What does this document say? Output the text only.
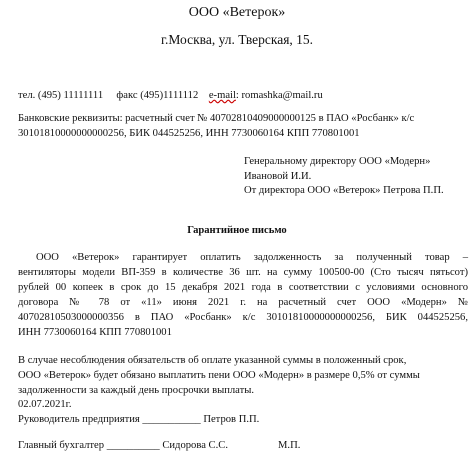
ООО «Ветерок»
г.Москва, ул. Тверская, 15.
тел. (495) 11111111 факс (495)1111112 e-mail: romashka@mail.ru
Банковские реквизиты: расчетный счет № 40702810409000000125 в ПАО «Росбанк» к/с
30101810000000000256, БИК 044525256, ИНН 7730060164 КПП 770801001
Генеральному директору ООО «Модерн»
Ивановой И.И.
От директора ООО «Ветерок» Петрова П.П.
Гарантийное письмо
ООО «Ветерок» гарантирует оплатить задолженность за полученный товар –
вентиляторы модели ВП-359 в количестве 36 шт. на сумму 100500-00 (Сто тысяч пятьсот)
рублей 00 копеек в срок до 15 декабря 2021 года в соответствии с условиями основного
договора № 78 от «11» июня 2021 г. на расчетный счет ООО «Модерн» №
40702810503000000356 в ПАО «Росбанк» к/с 30101810000000000256, БИК 044525256,
ИНН 7730060164 КПП 770801001
В случае несоблюдения обязательств об оплате указанной суммы в положенный срок,
ООО «Ветерок» будет обязано выплатить пени ООО «Модерн» в размере 0,5% от суммы
задолженности за каждый день просрочки выплаты.
02.07.2021г.
Руководитель предприятия ___________ Петров П.П.
Главный бухгалтер __________ Сидорова С.С.	М.П.
